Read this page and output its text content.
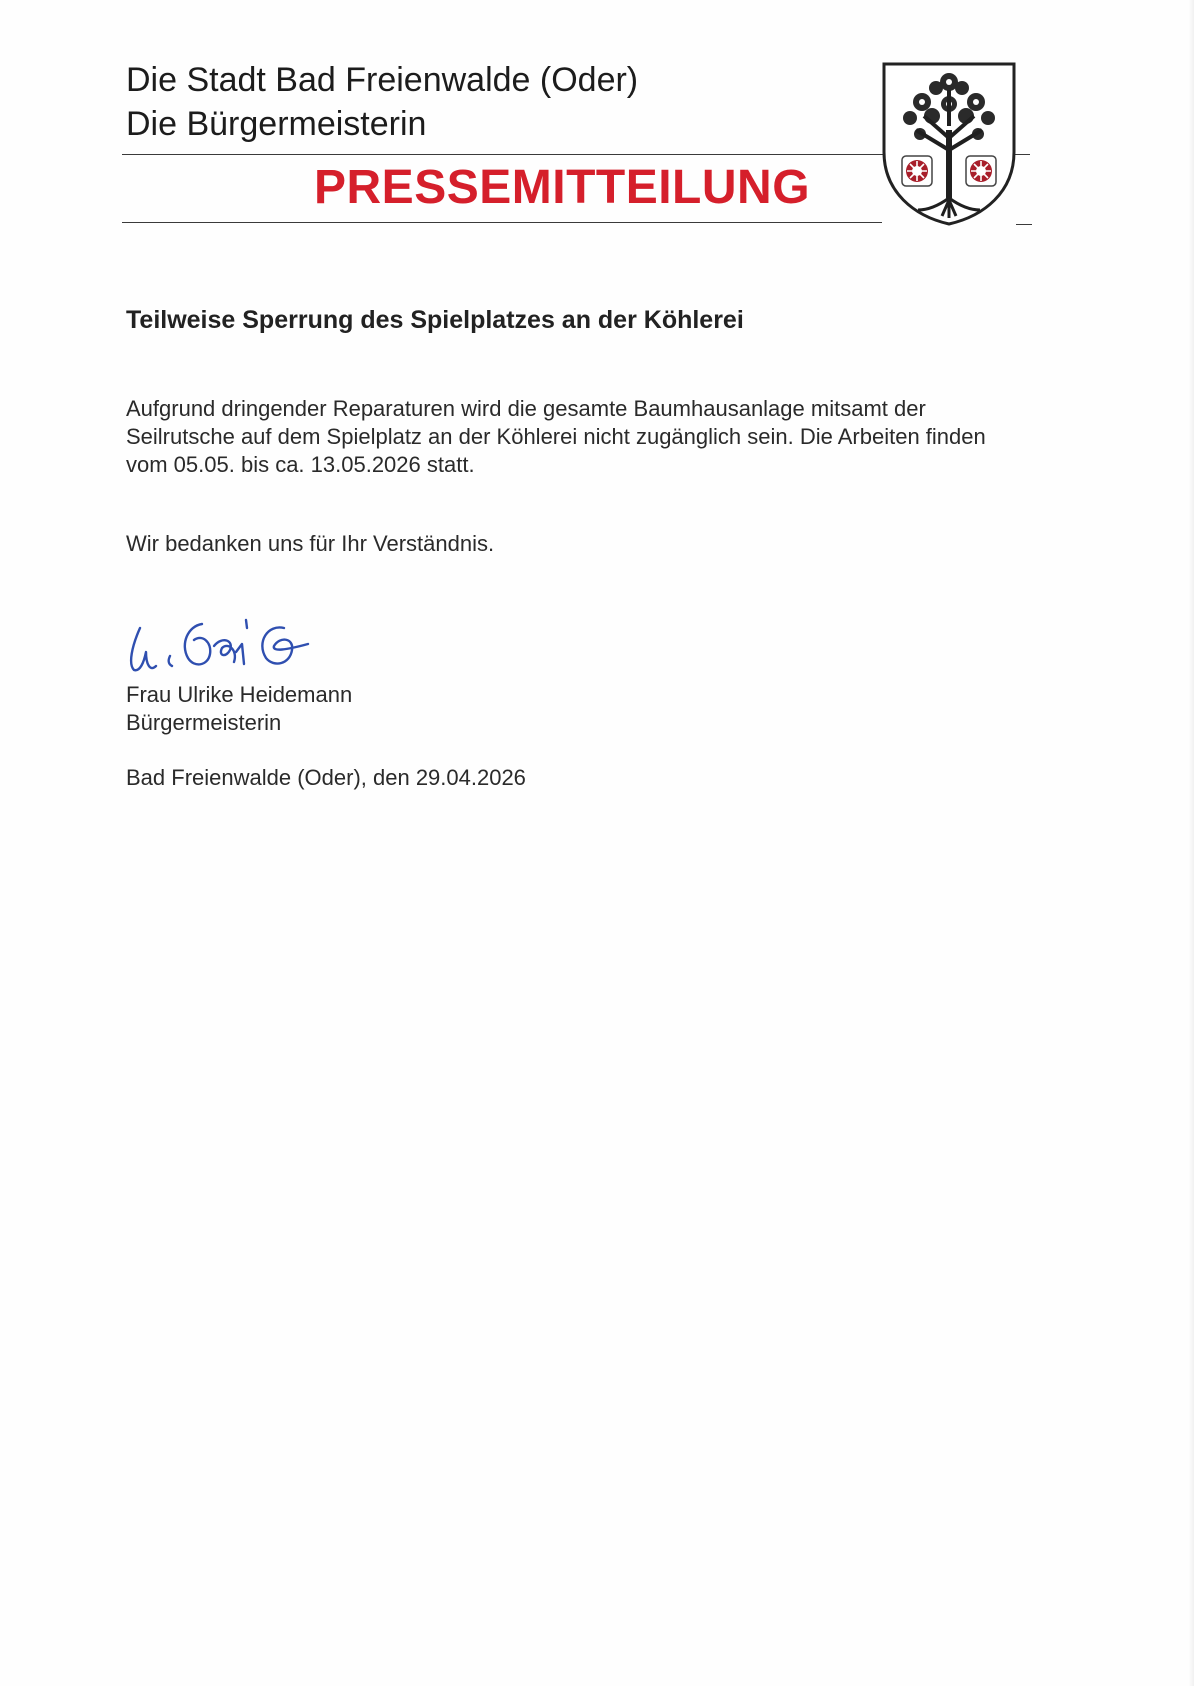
Die Stadt Bad Freienwalde (Oder)
Die Bürgermeisterin
PRESSEMITTEILUNG
Teilweise Sperrung des Spielplatzes an der Köhlerei
Aufgrund dringender Reparaturen wird die gesamte Baumhausanlage mitsamt der Seilrutsche auf dem Spielplatz an der Köhlerei nicht zugänglich sein. Die Arbeiten finden vom 05.05. bis ca. 13.05.2026 statt.
Wir bedanken uns für Ihr Verständnis.
Frau Ulrike Heidemann
Bürgermeisterin
Bad Freienwalde (Oder), den 29.04.2026
